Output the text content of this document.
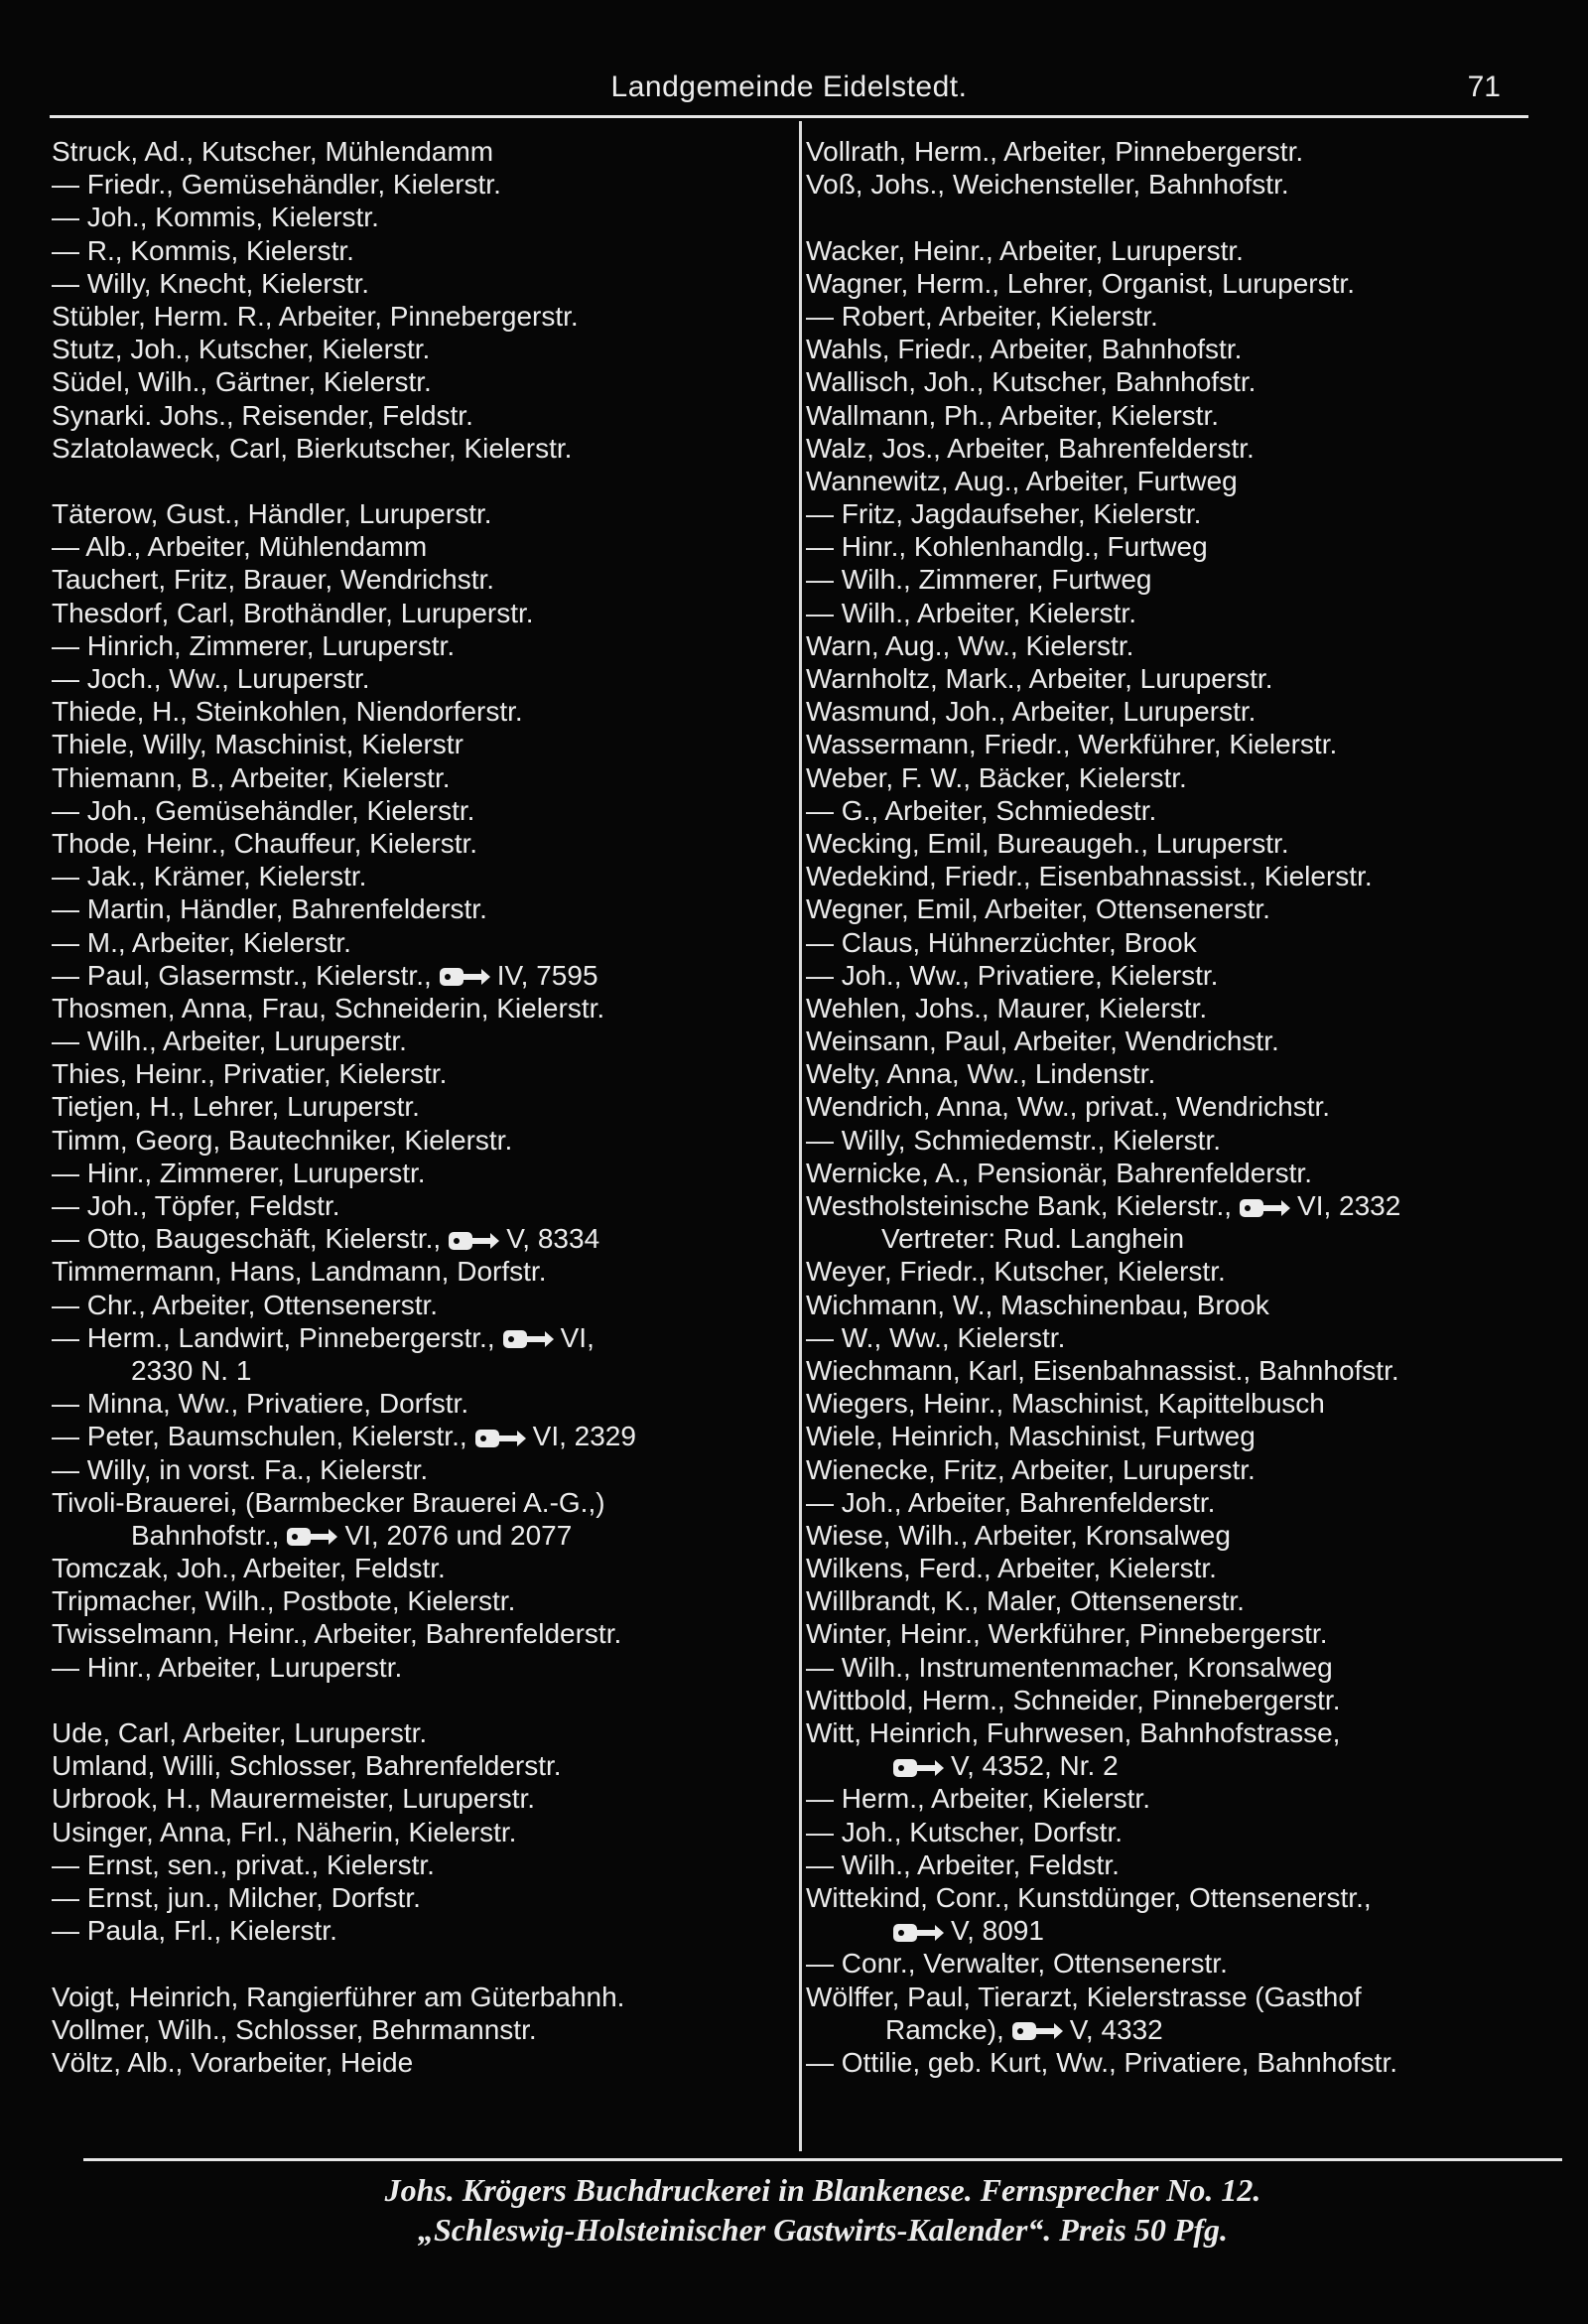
Landgemeinde Eidelstedt.	71
Struck, Ad., Kutscher, Mühlendamm
— Friedr., Gemüsehändler, Kielerstr.
— Joh., Kommis, Kielerstr.
— R., Kommis, Kielerstr.
— Willy, Knecht, Kielerstr.
Stübler, Herm. R., Arbeiter, Pinnebergerstr.
Stutz, Joh., Kutscher, Kielerstr.
Südel, Wilh., Gärtner, Kielerstr.
Synarki. Johs., Reisender, Feldstr.
Szlatolaweck, Carl, Bierkutscher, Kielerstr.
Täterow, Gust., Händler, Luruperstr.
— Alb., Arbeiter, Mühlendamm
Tauchert, Fritz, Brauer, Wendrichstr.
Thesdorf, Carl, Brothändler, Luruperstr.
— Hinrich, Zimmerer, Luruperstr.
— Joch., Ww., Luruperstr.
Thiede, H., Steinkohlen, Niendorferstr.
Thiele, Willy, Maschinist, Kielerstr
Thiemann, B., Arbeiter, Kielerstr.
— Joh., Gemüsehändler, Kielerstr.
Thode, Heinr., Chauffeur, Kielerstr.
— Jak., Krämer, Kielerstr.
— Martin, Händler, Bahrenfelderstr.
— M., Arbeiter, Kielerstr.
— Paul, Glasermstr., Kielerstr., IV, 7595
Thosmen, Anna, Frau, Schneiderin, Kielerstr.
— Wilh., Arbeiter, Luruperstr.
Thies, Heinr., Privatier, Kielerstr.
Tietjen, H., Lehrer, Luruperstr.
Timm, Georg, Bautechniker, Kielerstr.
— Hinr., Zimmerer, Luruperstr.
— Joh., Töpfer, Feldstr.
— Otto, Baugeschäft, Kielerstr., V, 8334
Timmermann, Hans, Landmann, Dorfstr.
— Chr., Arbeiter, Ottensenerstr.
— Herm., Landwirt, Pinnebergerstr., VI,
2330 N. 1
— Minna, Ww., Privatiere, Dorfstr.
— Peter, Baumschulen, Kielerstr., VI, 2329
— Willy, in vorst. Fa., Kielerstr.
Tivoli-Brauerei, (Barmbecker Brauerei A.-G.,)
Bahnhofstr., VI, 2076 und 2077
Tomczak, Joh., Arbeiter, Feldstr.
Tripmacher, Wilh., Postbote, Kielerstr.
Twisselmann, Heinr., Arbeiter, Bahrenfelderstr.
— Hinr., Arbeiter, Luruperstr.
Ude, Carl, Arbeiter, Luruperstr.
Umland, Willi, Schlosser, Bahrenfelderstr.
Urbrook, H., Maurermeister, Luruperstr.
Usinger, Anna, Frl., Näherin, Kielerstr.
— Ernst, sen., privat., Kielerstr.
— Ernst, jun., Milcher, Dorfstr.
— Paula, Frl., Kielerstr.
Voigt, Heinrich, Rangierführer am Güterbahnh.
Vollmer, Wilh., Schlosser, Behrmannstr.
Völtz, Alb., Vorarbeiter, Heide
Vollrath, Herm., Arbeiter, Pinnebergerstr.
Voß, Johs., Weichensteller, Bahnhofstr.
Wacker, Heinr., Arbeiter, Luruperstr.
Wagner, Herm., Lehrer, Organist, Luruperstr.
— Robert, Arbeiter, Kielerstr.
Wahls, Friedr., Arbeiter, Bahnhofstr.
Wallisch, Joh., Kutscher, Bahnhofstr.
Wallmann, Ph., Arbeiter, Kielerstr.
Walz, Jos., Arbeiter, Bahrenfelderstr.
Wannewitz, Aug., Arbeiter, Furtweg
— Fritz, Jagdaufseher, Kielerstr.
— Hinr., Kohlenhandlg., Furtweg
— Wilh., Zimmerer, Furtweg
— Wilh., Arbeiter, Kielerstr.
Warn, Aug., Ww., Kielerstr.
Warnholtz, Mark., Arbeiter, Luruperstr.
Wasmund, Joh., Arbeiter, Luruperstr.
Wassermann, Friedr., Werkführer, Kielerstr.
Weber, F. W., Bäcker, Kielerstr.
— G., Arbeiter, Schmiedestr.
Wecking, Emil, Bureaugeh., Luruperstr.
Wedekind, Friedr., Eisenbahnassist., Kielerstr.
Wegner, Emil, Arbeiter, Ottensenerstr.
— Claus, Hühnerzüchter, Brook
— Joh., Ww., Privatiere, Kielerstr.
Wehlen, Johs., Maurer, Kielerstr.
Weinsann, Paul, Arbeiter, Wendrichstr.
Welty, Anna, Ww., Lindenstr.
Wendrich, Anna, Ww., privat., Wendrichstr.
— Willy, Schmiedemstr., Kielerstr.
Wernicke, A., Pensionär, Bahrenfelderstr.
Westholsteinische Bank, Kielerstr., VI, 2332
Vertreter: Rud. Langhein
Weyer, Friedr., Kutscher, Kielerstr.
Wichmann, W., Maschinenbau, Brook
— W., Ww., Kielerstr.
Wiechmann, Karl, Eisenbahnassist., Bahnhofstr.
Wiegers, Heinr., Maschinist, Kapittelbusch
Wiele, Heinrich, Maschinist, Furtweg
Wienecke, Fritz, Arbeiter, Luruperstr.
— Joh., Arbeiter, Bahrenfelderstr.
Wiese, Wilh., Arbeiter, Kronsalweg
Wilkens, Ferd., Arbeiter, Kielerstr.
Willbrandt, K., Maler, Ottensenerstr.
Winter, Heinr., Werkführer, Pinnebergerstr.
— Wilh., Instrumentenmacher, Kronsalweg
Wittbold, Herm., Schneider, Pinnebergerstr.
Witt, Heinrich, Fuhrwesen, Bahnhofstrasse,
V, 4352, Nr. 2
— Herm., Arbeiter, Kielerstr.
— Joh., Kutscher, Dorfstr.
— Wilh., Arbeiter, Feldstr.
Wittekind, Conr., Kunstdünger, Ottensenerstr.,
V, 8091
— Conr., Verwalter, Ottensenerstr.
Wölffer, Paul, Tierarzt, Kielerstrasse (Gasthof
Ramcke), V, 4332
— Ottilie, geb. Kurt, Ww., Privatiere, Bahnhofstr.
Johs. Krögers Buchdruckerei in Blankenese. Fernsprecher No. 12.
„Schleswig-Holsteinischer Gastwirts-Kalender“. Preis 50 Pfg.
